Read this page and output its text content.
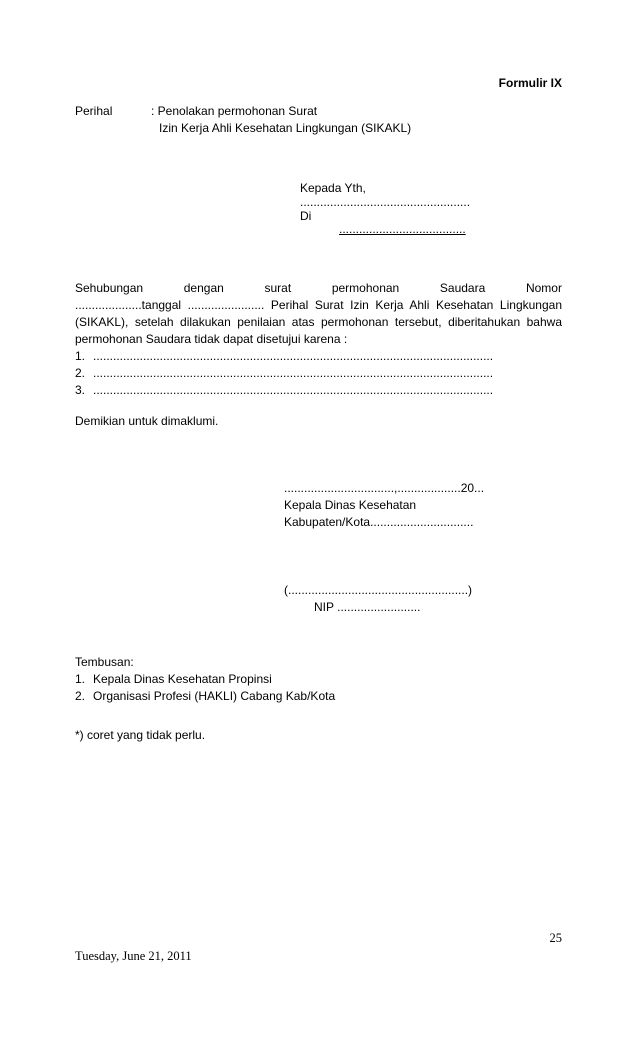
Formulir IX
Perihal	: Penolakan permohonan Surat
Izin Kerja Ahli Kesehatan Lingkungan (SIKAKL)
Kepada Yth,
...................................................
Di
......................................
Sehubungan	dengan	surat	permohonan	Saudara	Nomor
....................tanggal ....................... Perihal Surat Izin Kerja Ahli Kesehatan Lingkungan
(SIKAKL), setelah dilakukan penilaian atas permohonan tersebut, diberitahukan bahwa
permohonan Saudara tidak dapat disetujui karena :
1. ........................................................................................................................
2. ........................................................................................................................
3. ........................................................................................................................
Demikian untuk dimaklumi.
.................................,...................20...
Kepala Dinas Kesehatan
Kabupaten/Kota...............................
(......................................................)
NIP .........................
Tembusan:
1. Kepala Dinas Kesehatan Propinsi
2. Organisasi Profesi (HAKLI) Cabang Kab/Kota
*) coret yang tidak perlu.
25
Tuesday, June 21, 2011
